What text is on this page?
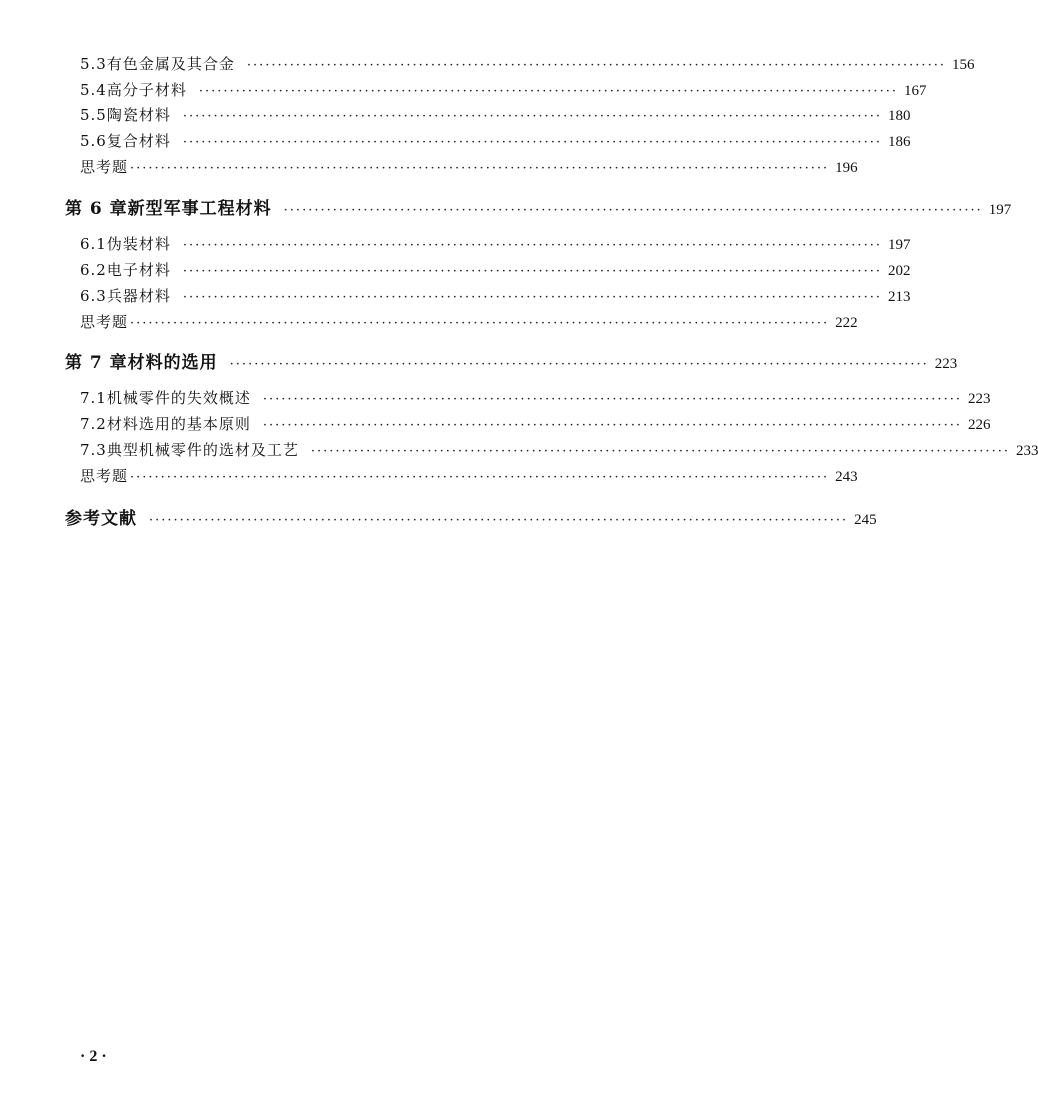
5.3 有色金属及其合金 ·················································································································· 156
5.4 高分子材料 ·················································································································· 167
5.5 陶瓷材料 ·················································································································· 180
5.6 复合材料 ·················································································································· 186
思考题 ·················································································································· 196
第 6 章 新型军事工程材料 ·················································································································· 197
6.1 伪装材料 ·················································································································· 197
6.2 电子材料 ·················································································································· 202
6.3 兵器材料 ·················································································································· 213
思考题 ·················································································································· 222
第 7 章 材料的选用 ·················································································································· 223
7.1 机械零件的失效概述 ·················································································································· 223
7.2 材料选用的基本原则 ·················································································································· 226
7.3 典型机械零件的选材及工艺 ·················································································································· 233
思考题 ·················································································································· 243
参考文献 ·················································································································· 245
· 2 ·
